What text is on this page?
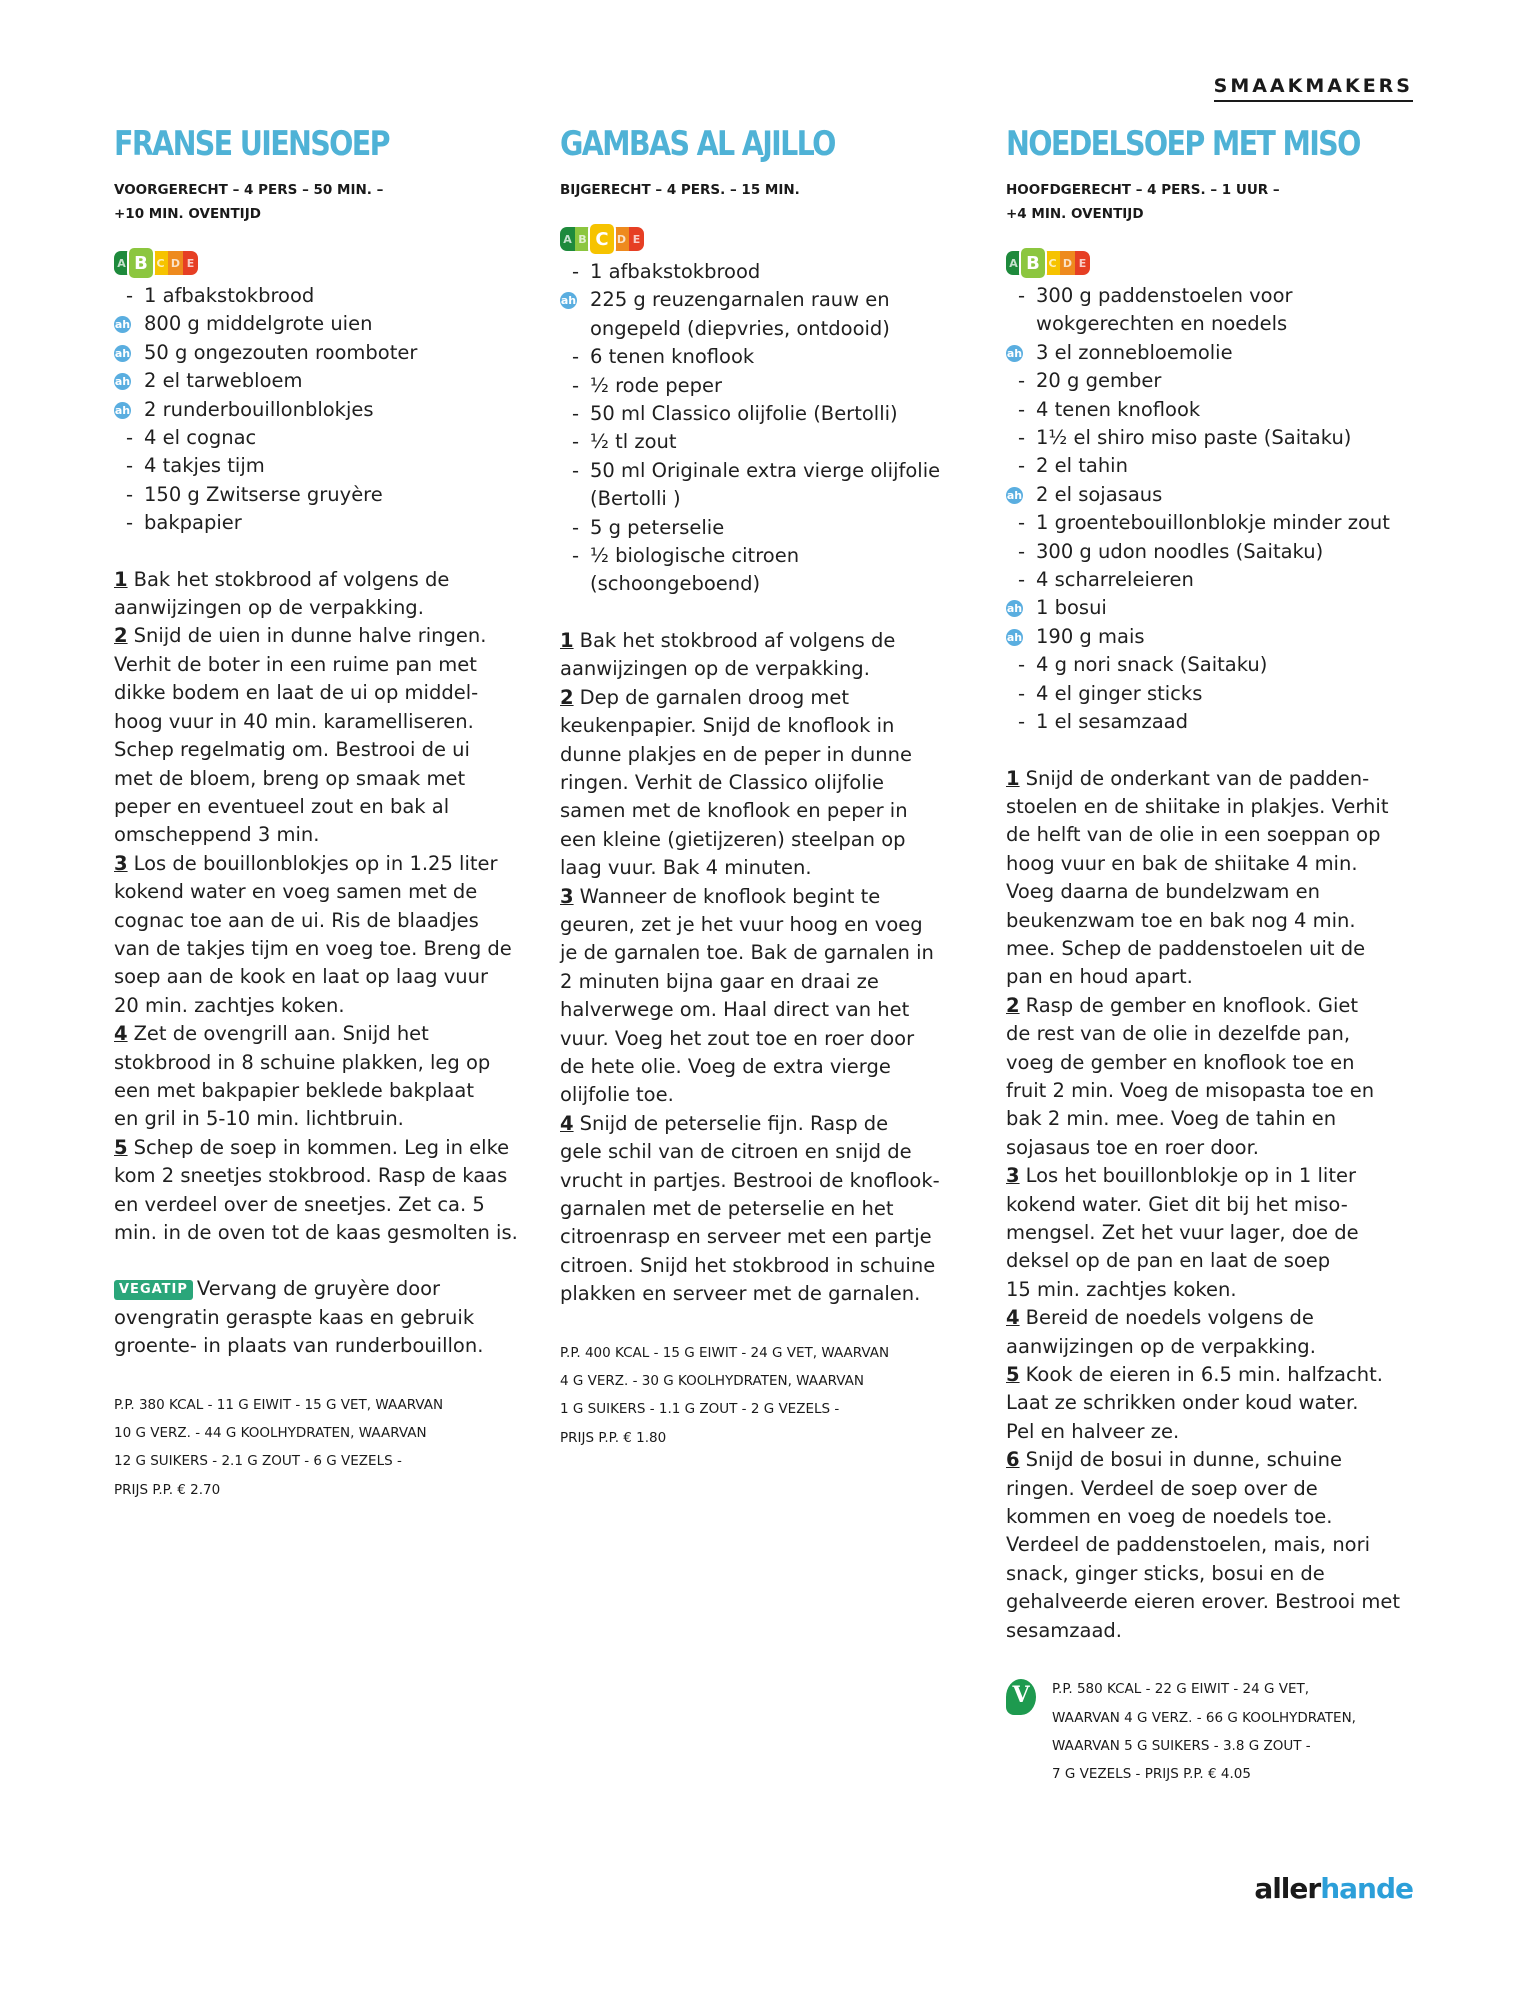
SMAAKMAKERS
FRANSE UIENSOEP
VOORGERECHT – 4 PERS – 50 MIN. –
+10 MIN. OVENTIJD
A B C D E
- 1 afbakstokbrood
ah 800 g middelgrote uien
ah 50 g ongezouten roomboter
ah 2 el tarwebloem
ah 2 runderbouillonblokjes
- 4 el cognac
- 4 takjes tijm
- 150 g Zwitserse gruyère
- bakpapier
1 Bak het stokbrood af volgens de
aanwijzingen op de verpakking.
2 Snijd de uien in dunne halve ringen.
Verhit de boter in een ruime pan met
dikke bodem en laat de ui op middel-
hoog vuur in 40 min. karamelliseren.
Schep regelmatig om. Bestrooi de ui
met de bloem, breng op smaak met
peper en eventueel zout en bak al
omscheppend 3 min.
3 Los de bouillonblokjes op in 1.25 liter
kokend water en voeg samen met de
cognac toe aan de ui. Ris de blaadjes
van de takjes tijm en voeg toe. Breng de
soep aan de kook en laat op laag vuur
20 min. zachtjes koken.
4 Zet de ovengrill aan. Snijd het
stokbrood in 8 schuine plakken, leg op
een met bakpapier beklede bakplaat
en gril in 5-10 min. lichtbruin.
5 Schep de soep in kommen. Leg in elke
kom 2 sneetjes stokbrood. Rasp de kaas
en verdeel over de sneetjes. Zet ca. 5
min. in de oven tot de kaas gesmolten is.
VEGATIP Vervang de gruyère door
ovengratin geraspte kaas en gebruik
groente- in plaats van runderbouillon.
P.P. 380 KCAL - 11 G EIWIT - 15 G VET, WAARVAN
10 G VERZ. - 44 G KOOLHYDRATEN, WAARVAN
12 G SUIKERS - 2.1 G ZOUT - 6 G VEZELS -
PRIJS P.P. € 2.70
GAMBAS AL AJILLO
BIJGERECHT – 4 PERS. – 15 MIN.
A B C D E
- 1 afbakstokbrood
ah 225 g reuzengarnalen rauw en ongepeld (diepvries, ontdooid)
- 6 tenen knoflook
- ½ rode peper
- 50 ml Classico olijfolie (Bertolli)
- ½ tl zout
- 50 ml Originale extra vierge olijfolie (Bertolli )
- 5 g peterselie
- ½ biologische citroen (schoongeboend)
1 Bak het stokbrood af volgens de
aanwijzingen op de verpakking.
2 Dep de garnalen droog met
keukenpapier. Snijd de knoflook in
dunne plakjes en de peper in dunne
ringen. Verhit de Classico olijfolie
samen met de knoflook en peper in
een kleine (gietijzeren) steelpan op
laag vuur. Bak 4 minuten.
3 Wanneer de knoflook begint te
geuren, zet je het vuur hoog en voeg
je de garnalen toe. Bak de garnalen in
2 minuten bijna gaar en draai ze
halverwege om. Haal direct van het
vuur. Voeg het zout toe en roer door
de hete olie. Voeg de extra vierge
olijfolie toe.
4 Snijd de peterselie fijn. Rasp de
gele schil van de citroen en snijd de
vrucht in partjes. Bestrooi de knoflook-
garnalen met de peterselie en het
citroenrasp en serveer met een partje
citroen. Snijd het stokbrood in schuine
plakken en serveer met de garnalen.
P.P. 400 KCAL - 15 G EIWIT - 24 G VET, WAARVAN
4 G VERZ. - 30 G KOOLHYDRATEN, WAARVAN
1 G SUIKERS - 1.1 G ZOUT - 2 G VEZELS -
PRIJS P.P. € 1.80
NOEDELSOEP MET MISO
HOOFDGERECHT – 4 PERS. – 1 UUR –
+4 MIN. OVENTIJD
A B C D E
- 300 g paddenstoelen voor wokgerechten en noedels
ah 3 el zonnebloemolie
- 20 g gember
- 4 tenen knoflook
- 1½ el shiro miso paste (Saitaku)
- 2 el tahin
ah 2 el sojasaus
- 1 groentebouillonblokje minder zout
- 300 g udon noodles (Saitaku)
- 4 scharreleieren
ah 1 bosui
ah 190 g mais
- 4 g nori snack (Saitaku)
- 4 el ginger sticks
- 1 el sesamzaad
1 Snijd de onderkant van de padden-
stoelen en de shiitake in plakjes. Verhit
de helft van de olie in een soeppan op
hoog vuur en bak de shiitake 4 min.
Voeg daarna de bundelzwam en
beukenzwam toe en bak nog 4 min.
mee. Schep de paddenstoelen uit de
pan en houd apart.
2 Rasp de gember en knoflook. Giet
de rest van de olie in dezelfde pan,
voeg de gember en knoflook toe en
fruit 2 min. Voeg de misopasta toe en
bak 2 min. mee. Voeg de tahin en
sojasaus toe en roer door.
3 Los het bouillonblokje op in 1 liter
kokend water. Giet dit bij het miso-
mengsel. Zet het vuur lager, doe de
deksel op de pan en laat de soep
15 min. zachtjes koken.
4 Bereid de noedels volgens de
aanwijzingen op de verpakking.
5 Kook de eieren in 6.5 min. halfzacht.
Laat ze schrikken onder koud water.
Pel en halveer ze.
6 Snijd de bosui in dunne, schuine
ringen. Verdeel de soep over de
kommen en voeg de noedels toe.
Verdeel de paddenstoelen, mais, nori
snack, ginger sticks, bosui en de
gehalveerde eieren erover. Bestrooi met
sesamzaad.
V	P.P. 580 KCAL - 22 G EIWIT - 24 G VET,
WAARVAN 4 G VERZ. - 66 G KOOLHYDRATEN,
WAARVAN 5 G SUIKERS - 3.8 G ZOUT -
7 G VEZELS - PRIJS P.P. € 4.05
allerhande
